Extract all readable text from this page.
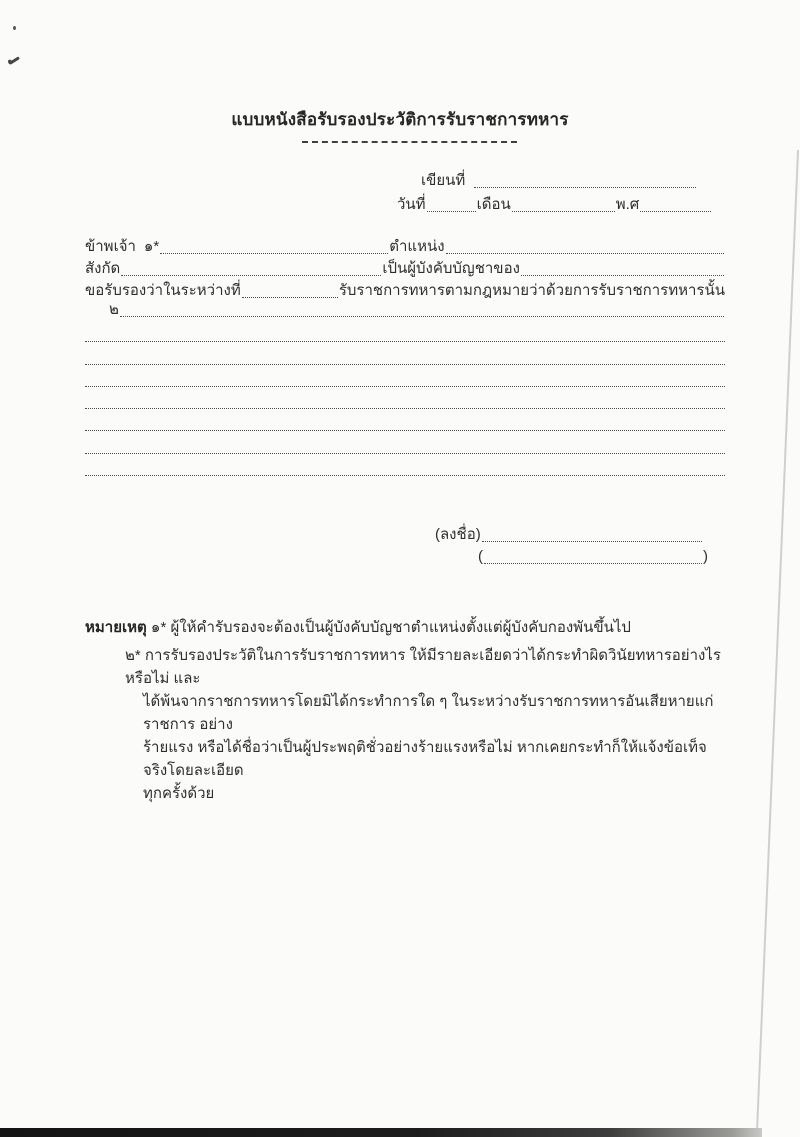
แบบหนังสือรับรองประวัติการรับราชการทหาร
เขียนที่
วันที่	เดือน	พ.ศ
ข้าพเจ้า ๑*	ตำแหน่ง
สังกัด	เป็นผู้บังคับบัญชาของ
ขอรับรองว่าในระหว่างที่	รับราชการทหารตามกฎหมายว่าด้วยการรับราชการทหารนั้น
๒
(ลงชื่อ)
(	)
หมายเหตุ ๑* ผู้ให้คำรับรองจะต้องเป็นผู้บังคับบัญชาตำแหน่งตั้งแต่ผู้บังคับกองพันขึ้นไป
๒* การรับรองประวัติในการรับราชการทหาร ให้มีรายละเอียดว่าได้กระทำผิดวินัยทหารอย่างไรหรือไม่ และ
ได้พ้นจากราชการทหารโดยมิได้กระทำการใด ๆ ในระหว่างรับราชการทหารอันเสียหายแก่ราชการ อย่าง
ร้ายแรง หรือได้ชื่อว่าเป็นผู้ประพฤติชั่วอย่างร้ายแรงหรือไม่ หากเคยกระทำก็ให้แจ้งข้อเท็จจริงโดยละเอียด
ทุกครั้งด้วย
